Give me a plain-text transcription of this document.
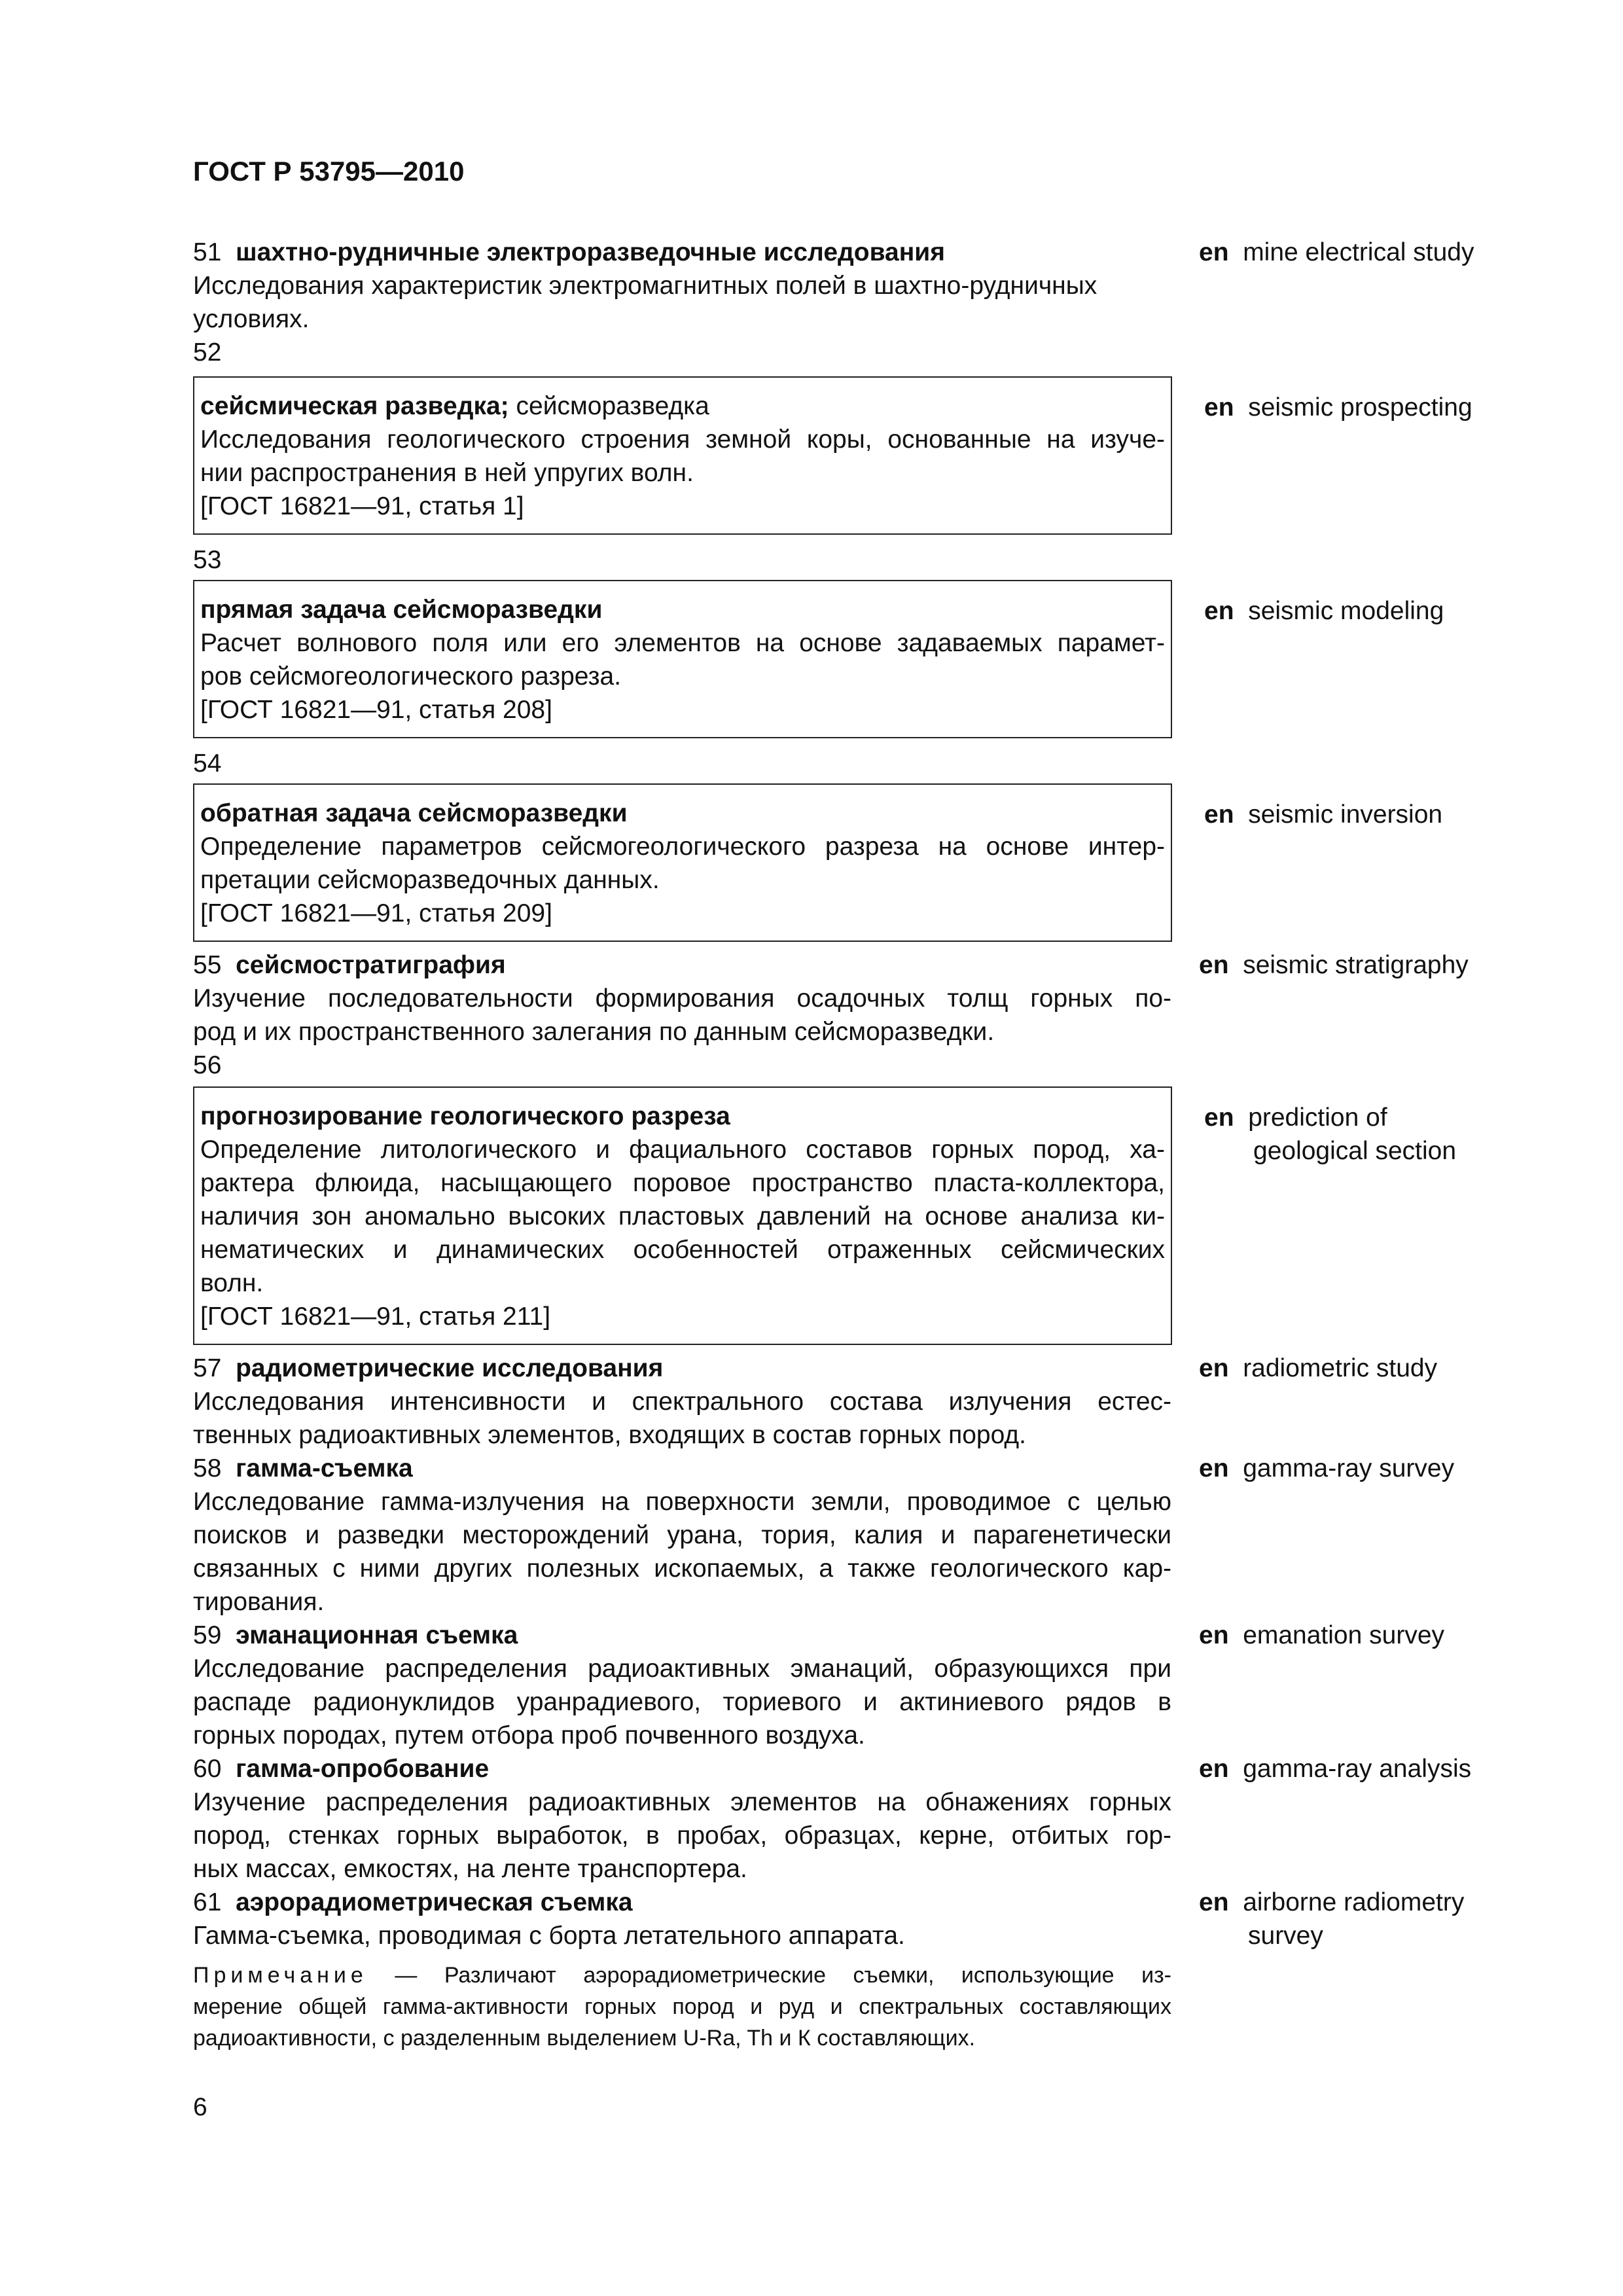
ГОСТ Р 53795—2010
51 шахтно-рудничные электроразведочные исследования
Исследования характеристик электромагнитных полей в шахтно-рудничных
условиях.
52
en mine electrical study
сейсмическая разведка; сейсморазведка
Исследования геологического строения земной коры, основанные на изуче-
нии распространения в ней упругих волн.
[ГОСТ 16821—91, статья 1]
en seismic prospecting
53
прямая задача сейсморазведки
Расчет волнового поля или его элементов на основе задаваемых парамет-
ров сейсмогеологического разреза.
[ГОСТ 16821—91, статья 208]
en seismic modeling
54
обратная задача сейсморазведки
Определение параметров сейсмогеологического разреза на основе интер-
претации сейсморазведочных данных.
[ГОСТ 16821—91, статья 209]
en seismic inversion
55 сейсмостратиграфия
Изучение последовательности формирования осадочных толщ горных по-
род и их пространственного залегания по данным сейсморазведки.
56
en seismic stratigraphy
прогнозирование геологического разреза
Определение литологического и фациального составов горных пород, ха-
рактера флюида, насыщающего поровое пространство пласта-коллектора,
наличия зон аномально высоких пластовых давлений на основе анализа ки-
нематических и динамических особенностей отраженных сейсмических
волн.
[ГОСТ 16821—91, статья 211]
en prediction of
geological section
57 радиометрические исследования
Исследования интенсивности и спектрального состава излучения естес-
твенных радиоактивных элементов, входящих в состав горных пород.
en radiometric study
58 гамма-съемка
Исследование гамма-излучения на поверхности земли, проводимое с целью
поисков и разведки месторождений урана, тория, калия и парагенетически
связанных с ними других полезных ископаемых, а также геологического кар-
тирования.
en gamma-ray survey
59 эманационная съемка
Исследование распределения радиоактивных эманаций, образующихся при
распаде радионуклидов уранрадиевого, ториевого и актиниевого рядов в
горных породах, путем отбора проб почвенного воздуха.
en emanation survey
60 гамма-опробование
Изучение распределения радиоактивных элементов на обнажениях горных
пород, стенках горных выработок, в пробах, образцах, керне, отбитых гор-
ных массах, емкостях, на ленте транспортера.
en gamma-ray analysis
61 аэрорадиометрическая съемка
Гамма-съемка, проводимая с борта летательного аппарата.
en airborne radiometry
survey
Примечание — Различают аэрорадиометрические съемки, использующие из-
мерение общей гамма-активности горных пород и руд и спектральных составляющих
радиоактивности, с разделенным выделением U-Ra, Th и К составляющих.
6
